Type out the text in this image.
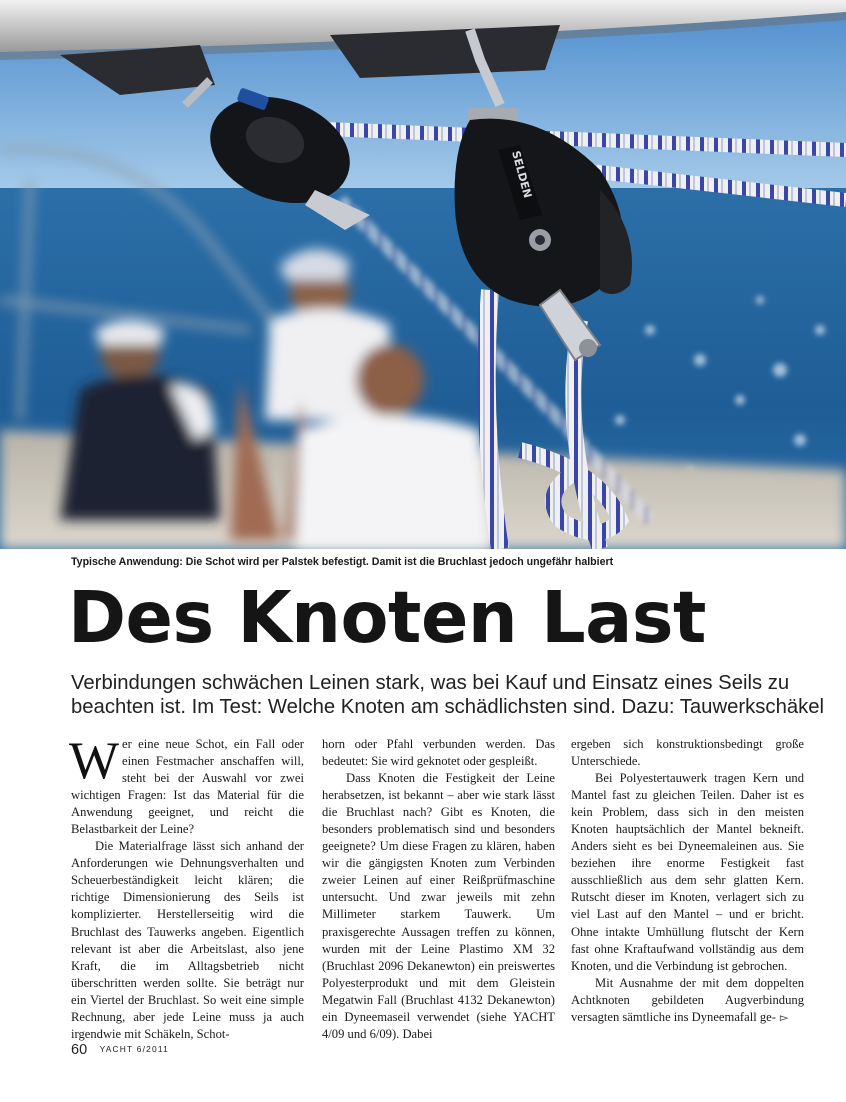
SELDEN

Typische Anwendung: Die Schot wird per Palstek befestigt. Damit ist die Bruchlast jedoch ungefähr halbiert

Des Knoten Last

Verbindungen schwächen Leinen stark, was bei Kauf und Einsatz eines Seils zu
beachten ist. Im Test: Welche Knoten am schädlichsten sind. Dazu: Tauwerkschäkel

Wer eine neue Schot, ein Fall oder einen Festmacher anschaffen will, steht bei der Auswahl vor zwei wichtigen Fragen: Ist das Material für die Anwendung geeignet, und reicht die Belastbarkeit der Leine?

Die Materialfrage lässt sich anhand der Anforderungen wie Dehnungsverhalten und Scheuerbeständigkeit leicht klären; die richtige Dimensionierung des Seils ist komplizierter. Herstellerseitig wird die Bruchlast des Tauwerks angeben. Eigentlich relevant ist aber die Arbeitslast, also jene Kraft, die im Alltagsbetrieb nicht überschritten werden sollte. Sie beträgt nur ein Viertel der Bruchlast. So weit eine simple Rechnung, aber jede Leine muss ja auch irgendwie mit Schäkeln, Schot-

horn oder Pfahl verbunden werden. Das bedeutet: Sie wird geknotet oder gespleißt.

Dass Knoten die Festigkeit der Leine herabsetzen, ist bekannt – aber wie stark lässt die Bruchlast nach? Gibt es Knoten, die besonders problematisch sind und besonders geeignete? Um diese Fragen zu klären, haben wir die gängigsten Knoten zum Verbinden zweier Leinen auf einer Reißprüfmaschine untersucht. Und zwar jeweils mit zehn Millimeter starkem Tauwerk. Um praxisgerechte Aussagen treffen zu können, wurden mit der Leine Plastimo XM 32 (Bruchlast 2096 Dekanewton) ein preiswertes Polyesterprodukt und mit dem Gleistein Megatwin Fall (Bruchlast 4132 Dekanewton) ein Dyneemaseil verwendet (siehe YACHT 4/09 und 6/09). Dabei

ergeben sich konstruktionsbedingt große Unterschiede.

Bei Polyestertauwerk tragen Kern und Mantel fast zu gleichen Teilen. Daher ist es kein Problem, dass sich in den meisten Knoten hauptsächlich der Mantel bekneift. Anders sieht es bei Dyneemaleinen aus. Sie beziehen ihre enorme Festigkeit fast ausschließlich aus dem sehr glatten Kern. Rutscht dieser im Knoten, verlagert sich zu viel Last auf den Mantel – und er bricht. Ohne intakte Umhüllung flutscht der Kern fast ohne Kraftaufwand vollständig aus dem Knoten, und die Verbindung ist gebrochen.

Mit Ausnahme der mit dem doppelten Achtknoten gebildeten Augverbindung versagten sämtliche ins Dyneemafall ge- ▻

60 YACHT 6/2011
